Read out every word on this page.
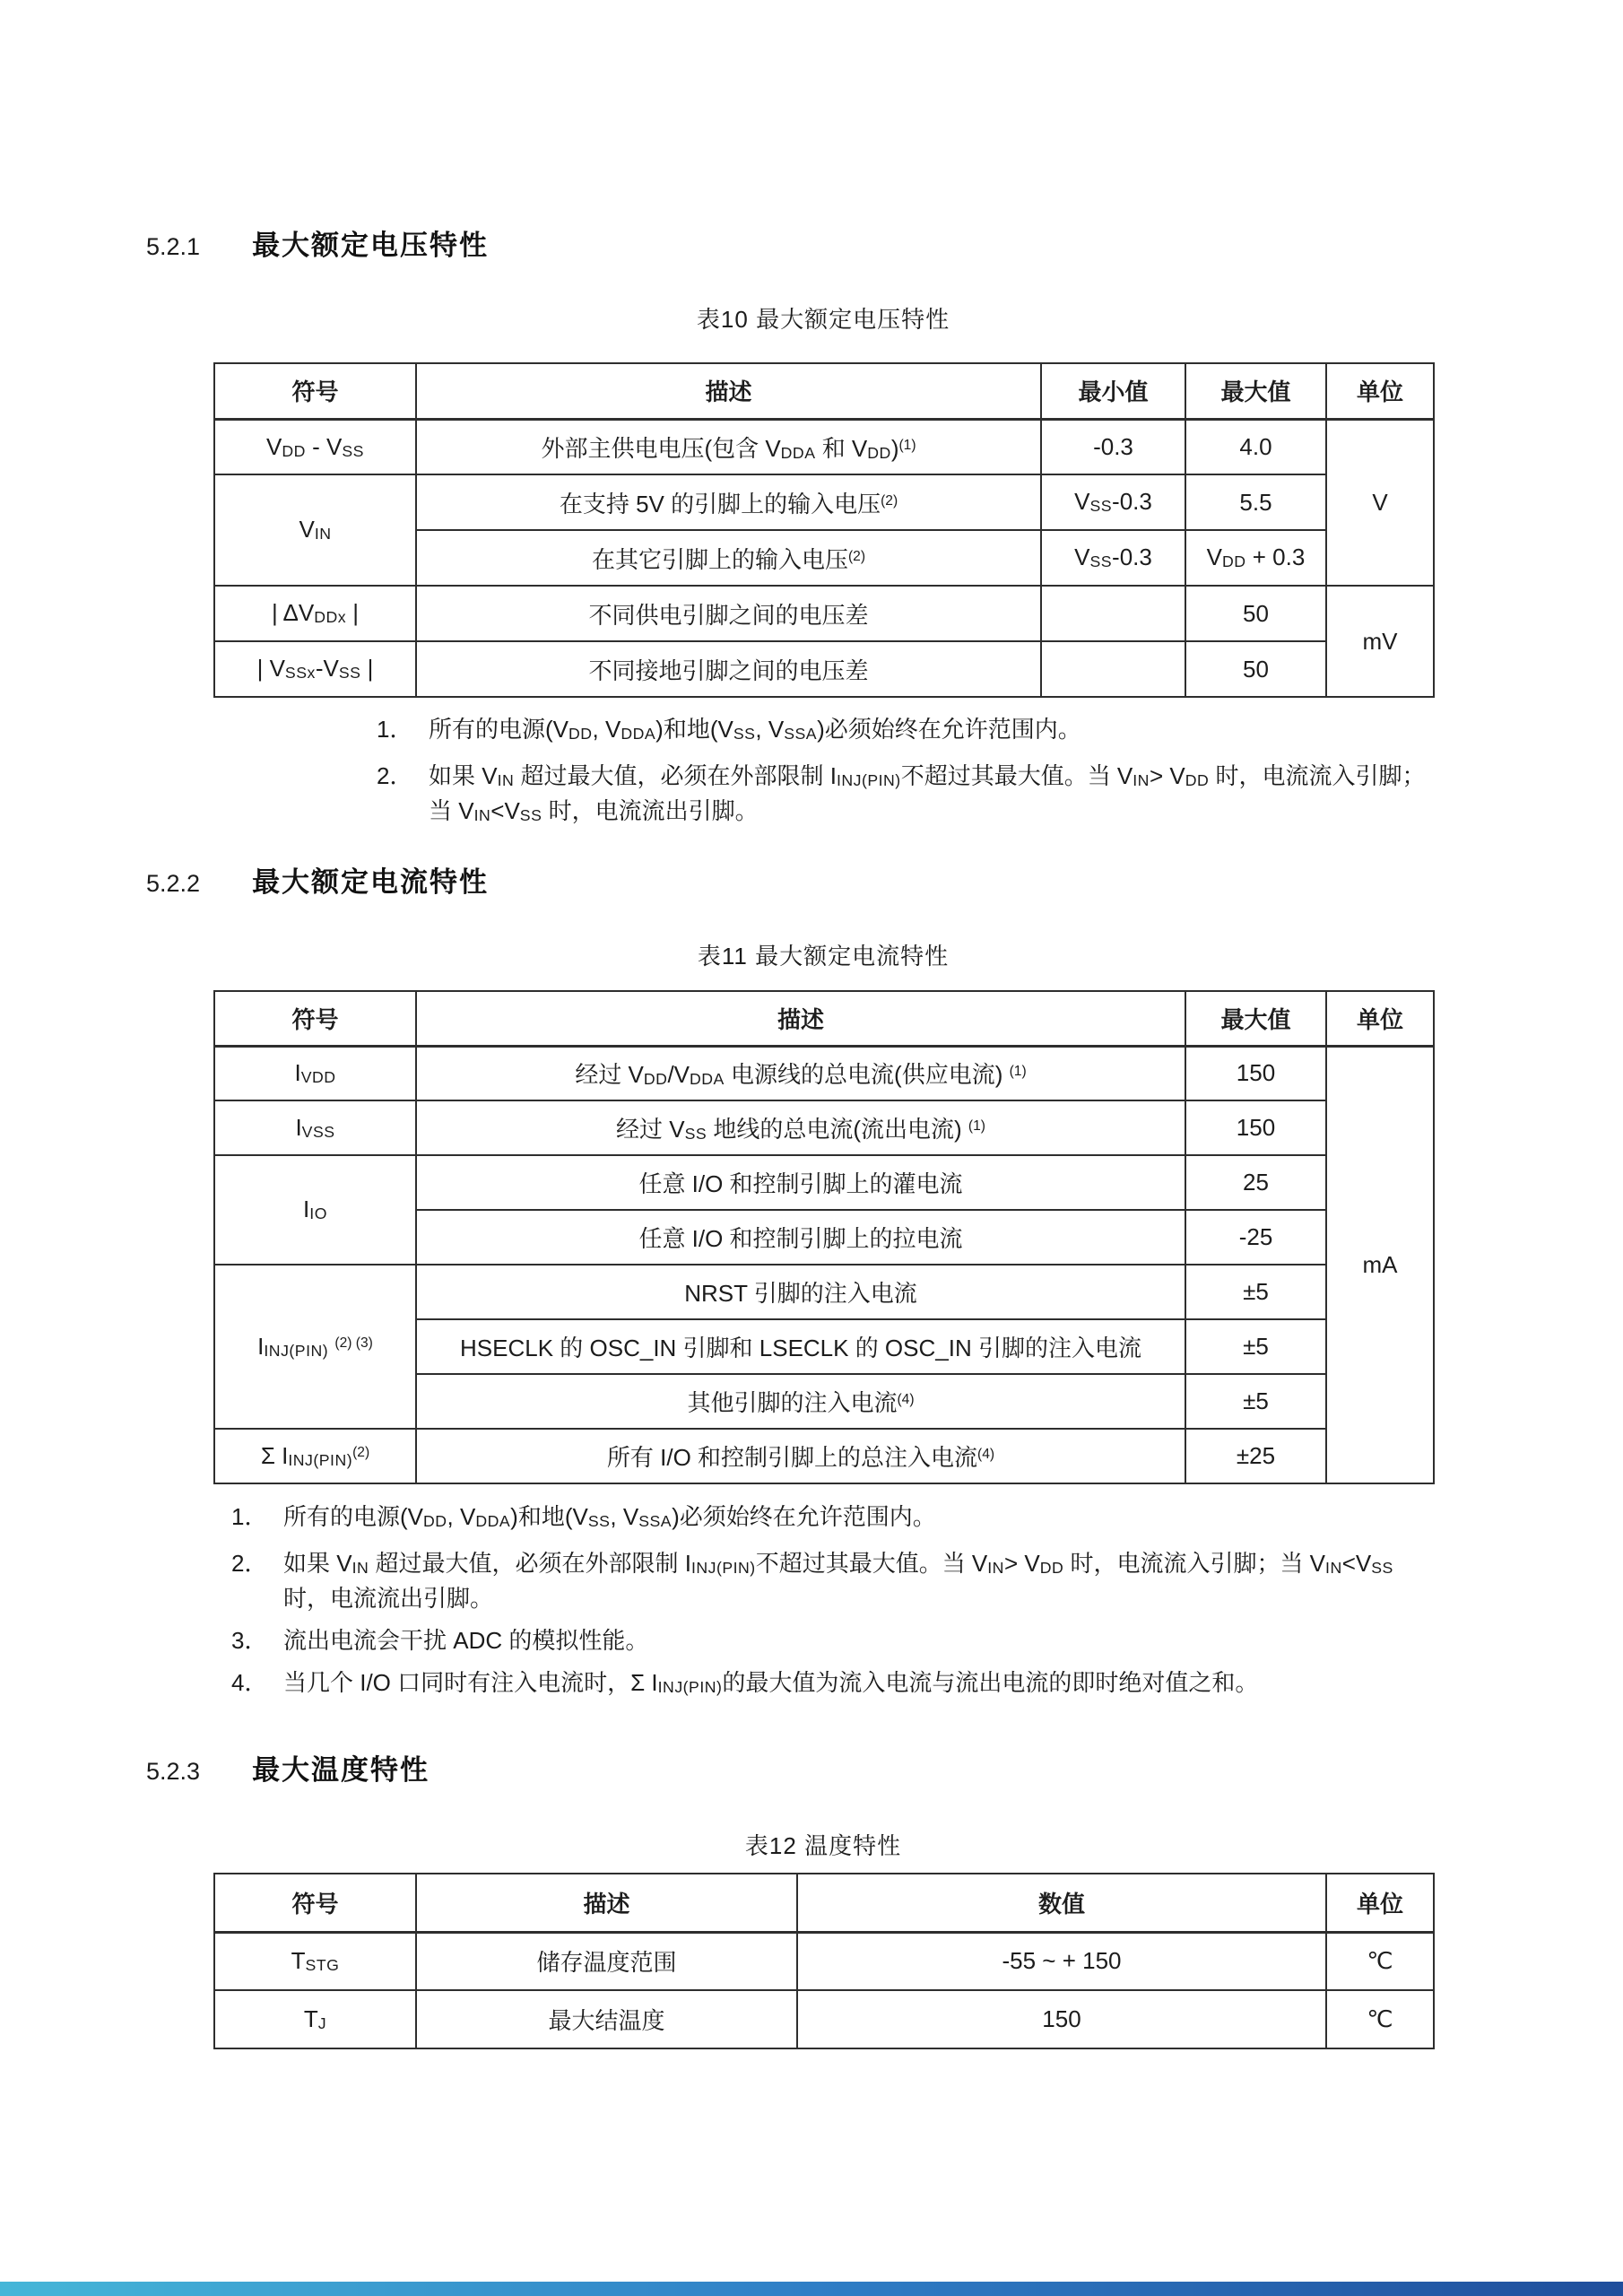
5.2.1 最大额定电压特性
表10 最大额定电压特性
符号	描述	最小值	最大值	单位
$V_{DD} - V_{SS}$	外部主供电电压(包含 $V_{DDA}$ 和 $V_{DD})^{(1)}$	-0.3	4.0	V
$V_{IN}$	在支持 5V 的引脚上的输入电压$^{(2)}$	$V_{SS}-0.3$	5.5	
	在其它引脚上的输入电压$^{(2)}$	$V_{SS}-0.3$	$V_{DD} + 0.3$	
| $\Delta V_{DDx}$ |	不同供电引脚之间的电压差		50	mV
| $V_{SSx}-V_{SS}$ |	不同接地引脚之间的电压差		50	
1． 所有的电源($V_{DD}$, $V_{DDA}$)和地($V_{SS}$, $V_{SSA}$)必须始终在允许范围内。
2． 如果 $V_{IN}$ 超过最大值，必须在外部限制 $I_{INJ(PIN)}$不超过其最大值。当 $V_{IN}> V_{DD}$ 时，电流流入引脚；当 $V_{IN}<V_{SS}$ 时，电流流出引脚。
5.2.2 最大额定电流特性
表11 最大额定电流特性
符号	描述	最大值	单位
$I_{VDD}$	经过 $V_{DD}/V_{DDA}$ 电源线的总电流(供应电流) $^{(1)}$	150	mA
$I_{VSS}$	经过 $V_{SS}$ 地线的总电流(流出电流) $^{(1)}$	150	
$I_{IO}$	任意 I/O 和控制引脚上的灌电流	25	
	任意 I/O 和控制引脚上的拉电流	-25	
$I_{INJ(PIN)}$ $^{(2) (3)}$	NRST 引脚的注入电流	±5	
	HSECLK 的 OSC_IN 引脚和 LSECLK 的 OSC_IN 引脚的注入电流	±5	
	其他引脚的注入电流$^{(4)}$	±5	
Σ $I_{INJ(PIN)}^{(2)}$	所有 I/O 和控制引脚上的总注入电流$^{(4)}$	±25	
1． 所有的电源($V_{DD}$, $V_{DDA}$)和地($V_{SS}$, $V_{SSA}$)必须始终在允许范围内。
2． 如果 $V_{IN}$ 超过最大值，必须在外部限制 $I_{INJ(PIN)}$不超过其最大值。当 $V_{IN}> V_{DD}$ 时，电流流入引脚；当 $V_{IN}<V_{SS}$ 时，电流流出引脚。
3． 流出电流会干扰 ADC 的模拟性能。
4． 当几个 I/O 口同时有注入电流时，Σ $I_{INJ(PIN)}$的最大值为流入电流与流出电流的即时绝对值之和。
5.2.3 最大温度特性
表12 温度特性
符号	描述	数值	单位
$T_{STG}$	储存温度范围	-55 ~ + 150	℃
$T_J$	最大结温度	150	℃
